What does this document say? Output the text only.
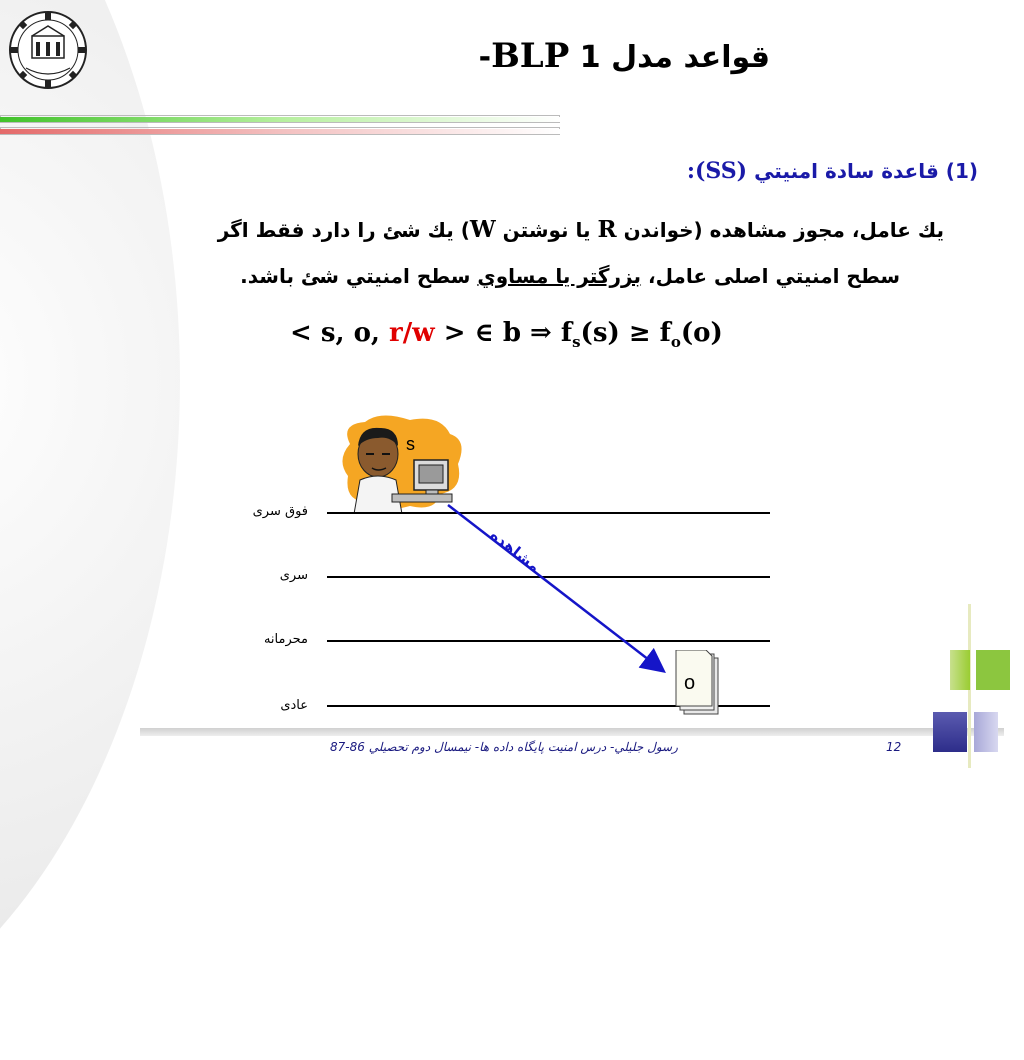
قواعد مدل BLP 1-
(1) قاعدة سادة امنيتي (SS):
يك عامل، مجوز مشاهده (خواندن R يا نوشتن W) يك شئ را دارد فقط اگر
سطح امنيتي اصلی عامل، بزرگتر يا مساوي سطح امنيتي شئ باشد.
< s, o, r/w > ∈ b ⇒ $f_s(s) \ge f_o(o)$
s
فوق سری
سری
محرمانه
عادی
مشاهده
o
رسول جليلي- درس امنيت پايگاه داده ها- نيمسال دوم تحصيلي 86-87	12
